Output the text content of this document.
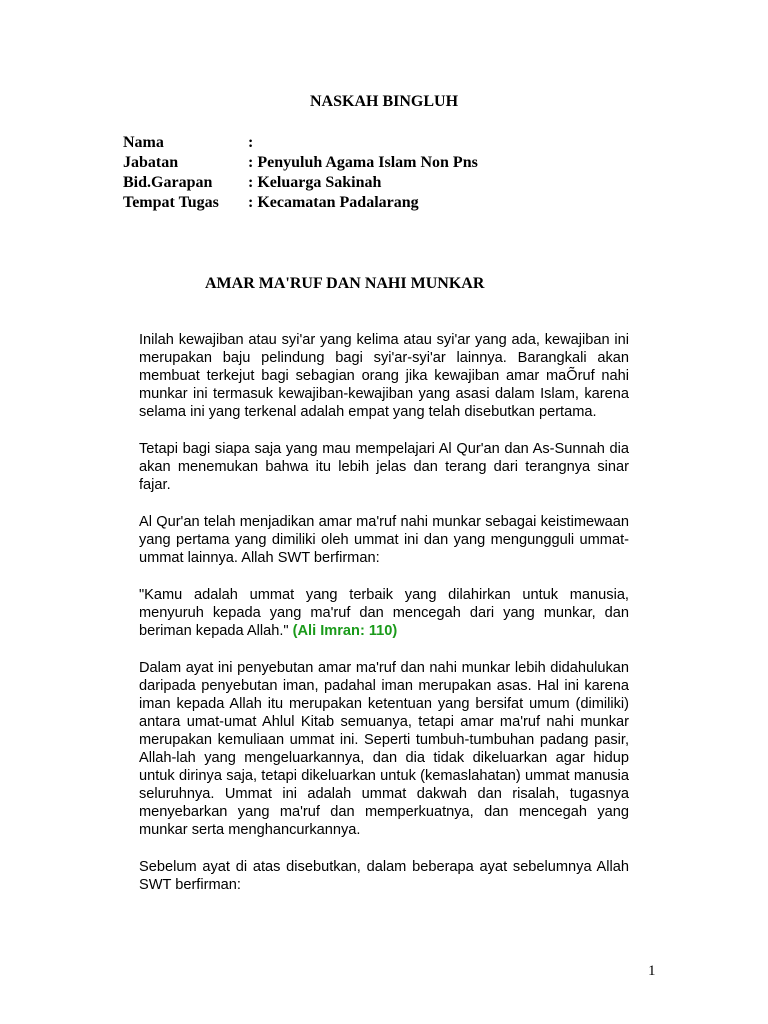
NASKAH BINGLUH
Nama	:
Jabatan	: Penyuluh Agama Islam Non Pns
Bid.Garapan	: Keluarga Sakinah
Tempat Tugas	: Kecamatan Padalarang
AMAR MA'RUF DAN NAHI MUNKAR

Inilah kewajiban atau syi'ar yang kelima atau syi'ar yang ada, kewajiban ini merupakan baju pelindung bagi syi'ar-syi'ar lainnya. Barangkali akan membuat terkejut bagi sebagian orang jika kewajiban amar maÕruf nahi munkar ini termasuk kewajiban-kewajiban yang asasi dalam Islam, karena selama ini yang terkenal adalah empat yang telah disebutkan pertama.

Tetapi bagi siapa saja yang mau mempelajari Al Qur'an dan As-Sunnah dia akan menemukan bahwa itu lebih jelas dan terang dari terangnya sinar fajar.

Al Qur'an telah menjadikan amar ma'ruf nahi munkar sebagai keistimewaan yang pertama yang dimiliki oleh ummat ini dan yang mengungguli ummat-ummat lainnya. Allah SWT berfirman:

"Kamu adalah ummat yang terbaik yang dilahirkan untuk manusia, menyuruh kepada yang ma'ruf dan mencegah dari yang munkar, dan beriman kepada Allah." (Ali Imran: 110)

Dalam ayat ini penyebutan amar ma'ruf dan nahi munkar lebih didahulukan daripada penyebutan iman, padahal iman merupakan asas. Hal ini karena iman kepada Allah itu merupakan ketentuan yang bersifat umum (dimiliki) antara umat-umat Ahlul Kitab semuanya, tetapi amar ma'ruf nahi munkar merupakan kemuliaan ummat ini. Seperti tumbuh-tumbuhan padang pasir, Allah-lah yang mengeluarkannya, dan dia tidak dikeluarkan agar hidup untuk dirinya saja, tetapi dikeluarkan untuk (kemaslahatan) ummat manusia seluruhnya. Ummat ini adalah ummat dakwah dan risalah, tugasnya menyebarkan yang ma'ruf dan memperkuatnya, dan mencegah yang munkar serta menghancurkannya.

Sebelum ayat di atas disebutkan, dalam beberapa ayat sebelumnya Allah SWT berfirman:

1
